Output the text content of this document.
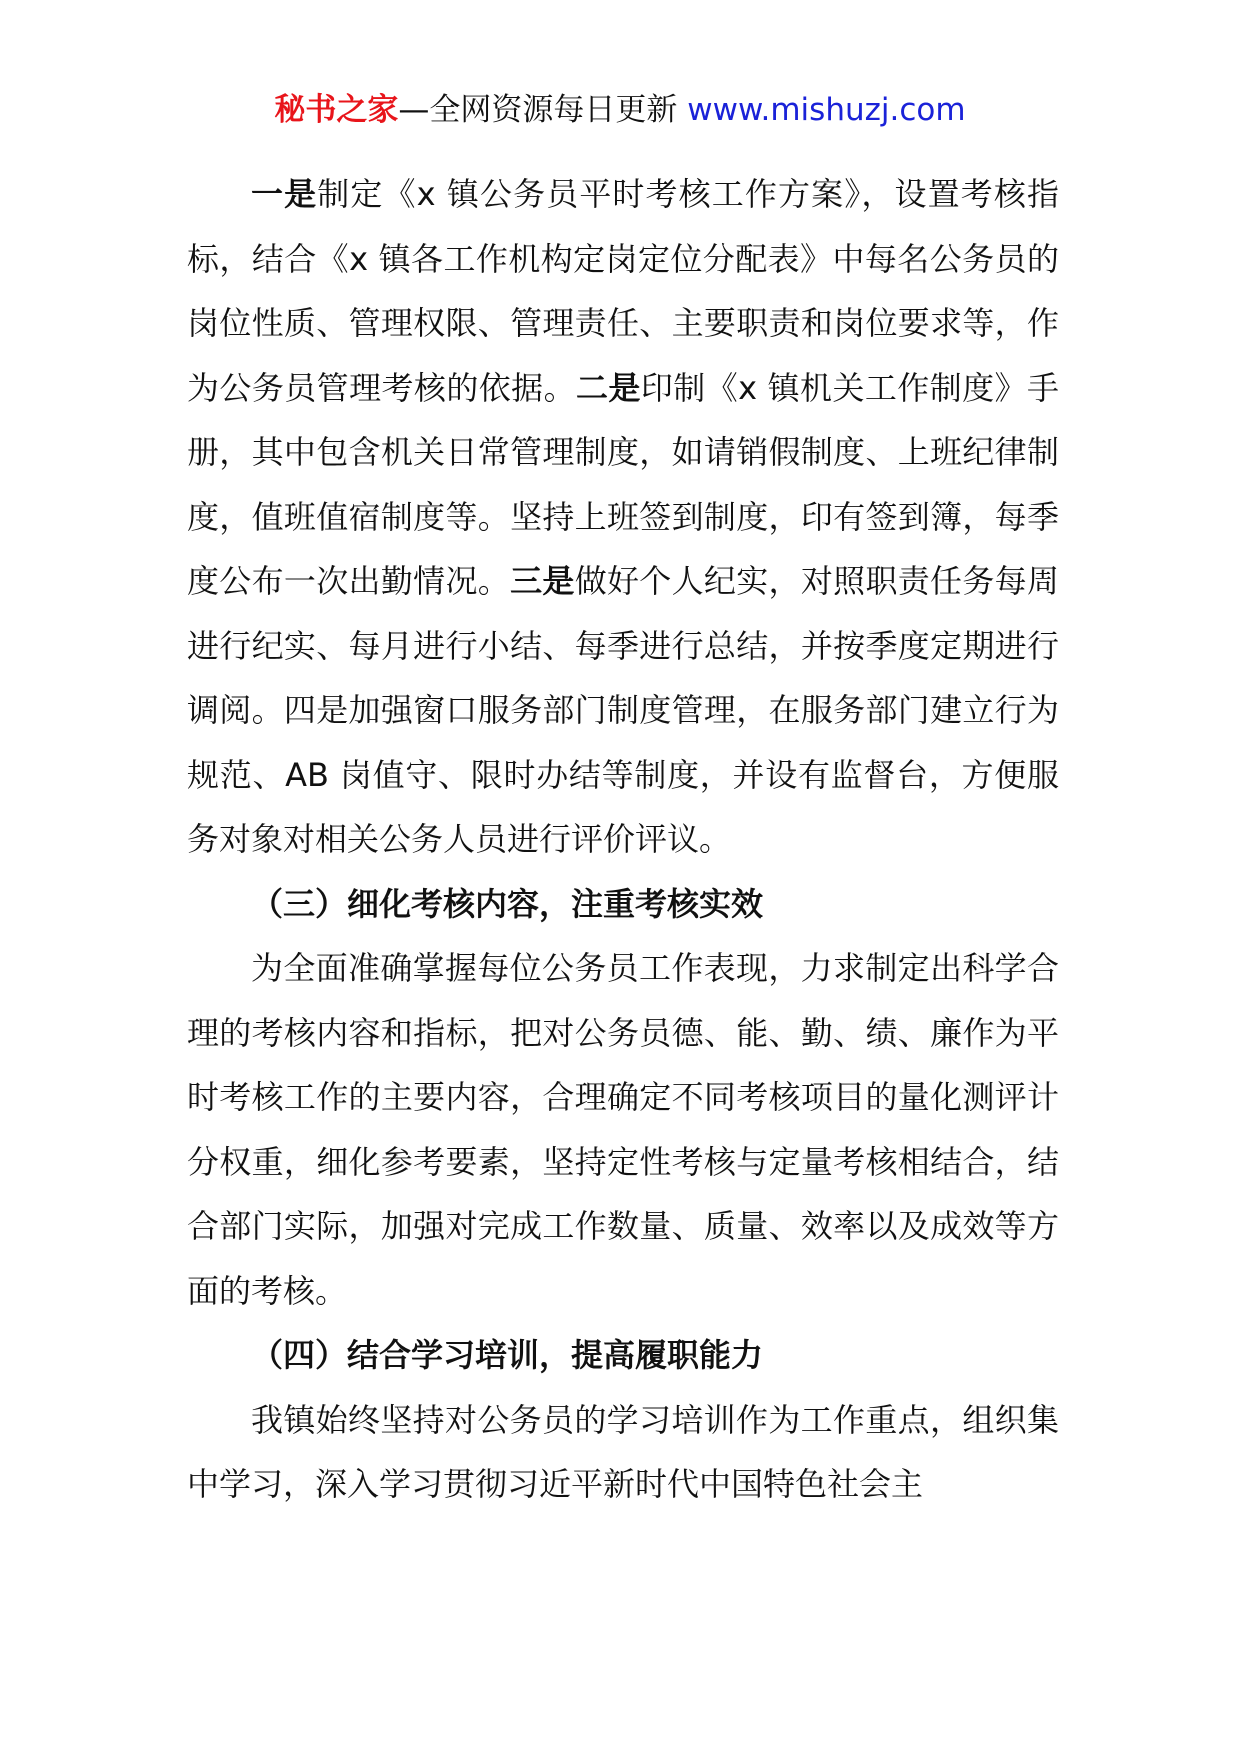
秘书之家—全网资源每日更新 www.mishuzj.com

一是制定《x 镇公务员平时考核工作方案》，设置考核指标，结合《x 镇各工作机构定岗定位分配表》中每名公务员的岗位性质、管理权限、管理责任、主要职责和岗位要求等，作为公务员管理考核的依据。二是印制《x 镇机关工作制度》手册，其中包含机关日常管理制度，如请销假制度、上班纪律制度，值班值宿制度等。坚持上班签到制度，印有签到簿，每季度公布一次出勤情况。三是做好个人纪实，对照职责任务每周进行纪实、每月进行小结、每季进行总结，并按季度定期进行调阅。四是加强窗口服务部门制度管理，在服务部门建立行为规范、AB 岗值守、限时办结等制度，并设有监督台，方便服务对象对相关公务人员进行评价评议。

（三）细化考核内容，注重考核实效

为全面准确掌握每位公务员工作表现，力求制定出科学合理的考核内容和指标，把对公务员德、能、勤、绩、廉作为平时考核工作的主要内容，合理确定不同考核项目的量化测评计分权重，细化参考要素，坚持定性考核与定量考核相结合，结合部门实际，加强对完成工作数量、质量、效率以及成效等方面的考核。

（四）结合学习培训，提高履职能力

我镇始终坚持对公务员的学习培训作为工作重点，组织集中学习，深入学习贯彻习近平新时代中国特色社会主
